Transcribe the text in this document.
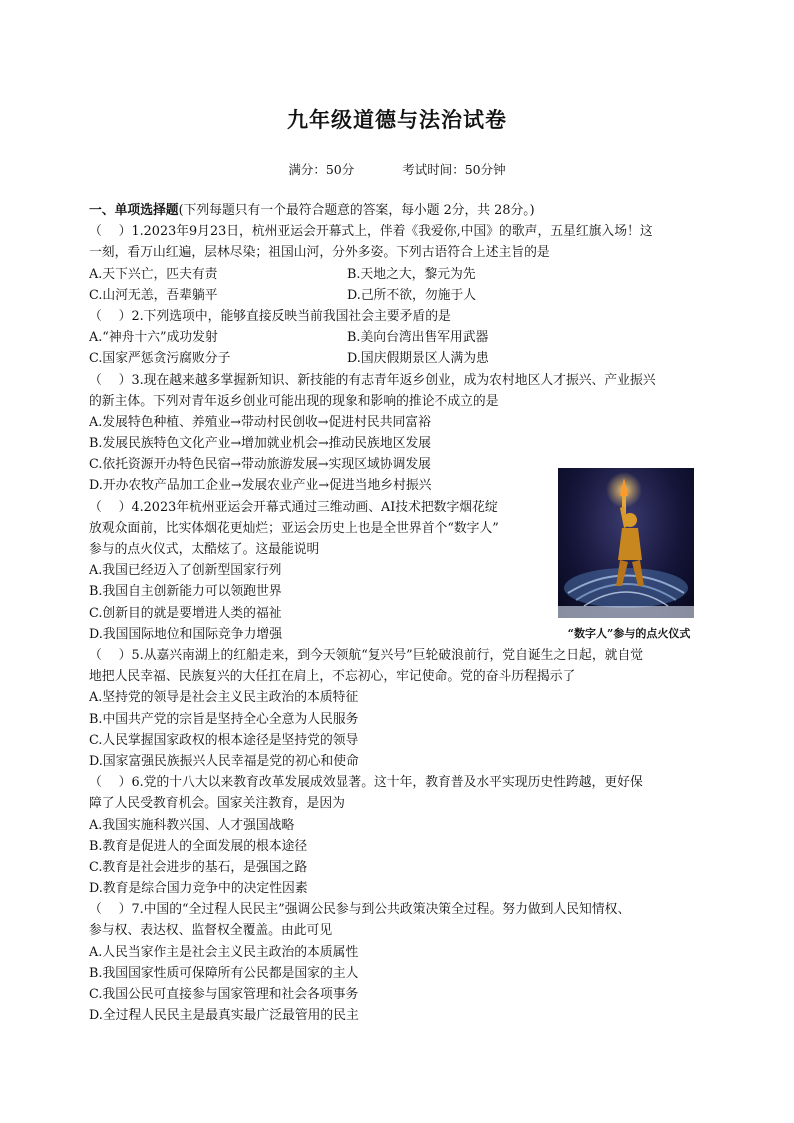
九年级道德与法治试卷
满分：50分	考试时间：50分钟
一、单项选择题(下列每题只有一个最符合题意的答案，每小题 2分，共 28分。)
（　 ）1.2023年9月23日，杭州亚运会开幕式上，伴着《我爱你,中国》的歌声，五星红旗入场！这
一刻，看万山红遍，层林尽染；祖国山河，分外多姿。下列古语符合上述主旨的是
A.天下兴亡，匹夫有责	B.天地之大，黎元为先
C.山河无恙，吾辈躺平	D.己所不欲，勿施于人
（　 ）2.下列选项中，能够直接反映当前我国社会主要矛盾的是
A.“神舟十六”成功发射	B.美向台湾出售军用武器
C.国家严惩贪污腐败分子	D.国庆假期景区人满为患
（　 ）3.现在越来越多掌握新知识、新技能的有志青年返乡创业，成为农村地区人才振兴、产业振兴
的新主体。下列对青年返乡创业可能出现的现象和影响的推论不成立的是
A.发展特色种植、养殖业→带动村民创收→促进村民共同富裕
B.发展民族特色文化产业→增加就业机会→推动民族地区发展
C.依托资源开办特色民宿→带动旅游发展→实现区域协调发展
D.开办农牧产品加工企业→发展农业产业→促进当地乡村振兴
（　 ）4.2023年杭州亚运会开幕式通过三维动画、AI技术把数字烟花绽
放观众面前，比实体烟花更灿烂；亚运会历史上也是全世界首个“数字人”
参与的点火仪式，太酷炫了。这最能说明
A.我国已经迈入了创新型国家行列
B.我国自主创新能力可以领跑世界
C.创新目的就是要增进人类的福祉
D.我国国际地位和国际竞争力增强	“数字人”参与的点火仪式
（　 ）5.从嘉兴南湖上的红船走来，到今天领航“复兴号”巨轮破浪前行，党自诞生之日起，就自觉
地把人民幸福、民族复兴的大任扛在肩上，不忘初心，牢记使命。党的奋斗历程揭示了
A.坚持党的领导是社会主义民主政治的本质特征
B.中国共产党的宗旨是坚持全心全意为人民服务
C.人民掌握国家政权的根本途径是坚持党的领导
D.国家富强民族振兴人民幸福是党的初心和使命
（　 ）6.党的十八大以来教育改革发展成效显著。这十年，教育普及水平实现历史性跨越，更好保
障了人民受教育机会。国家关注教育，是因为
A.我国实施科教兴国、人才强国战略
B.教育是促进人的全面发展的根本途径
C.教育是社会进步的基石，是强国之路
D.教育是综合国力竞争中的决定性因素
（　 ）7.中国的“全过程人民民主”强调公民参与到公共政策决策全过程。努力做到人民知情权、
参与权、表达权、监督权全覆盖。由此可见
A.人民当家作主是社会主义民主政治的本质属性
B.我国国家性质可保障所有公民都是国家的主人
C.我国公民可直接参与国家管理和社会各项事务
D.全过程人民民主是最真实最广泛最管用的民主
